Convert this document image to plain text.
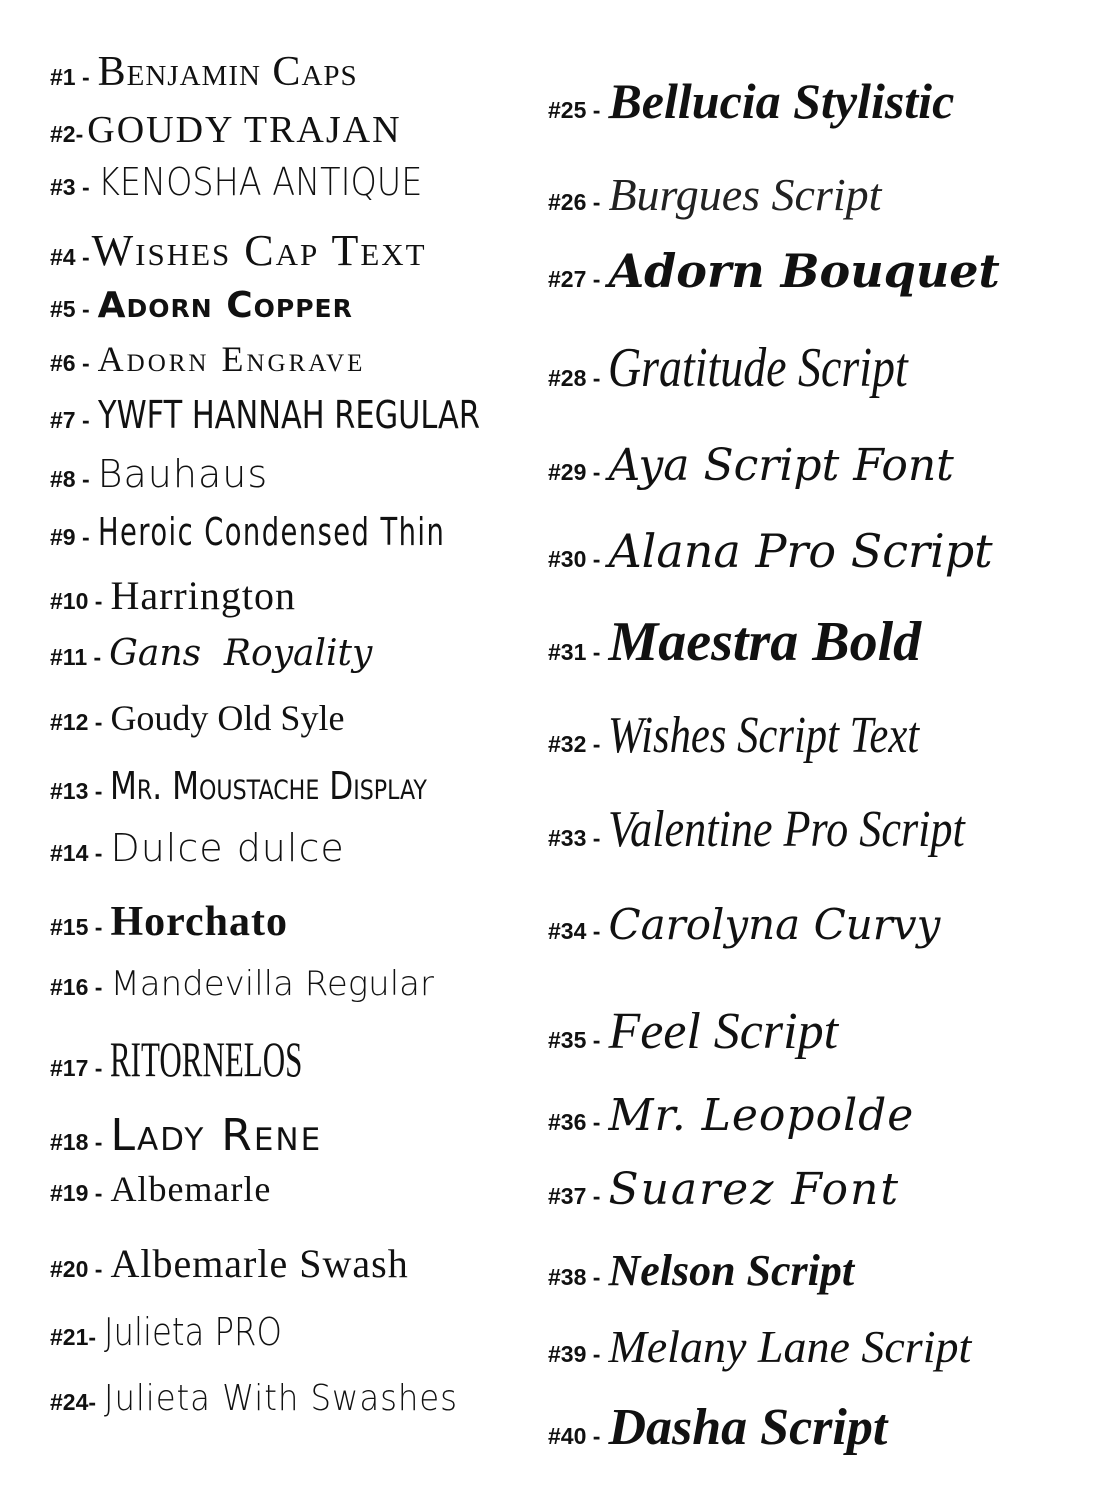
#1 - Benjamin Caps
#2- GOUDY TRAJAN
#3 - KENOSHA ANTIQUE
#4 - Wishes Cap Text
#5 - Adorn Copper
#6 - Adorn Engrave
#7 - YWFT HANNAH REGULAR
#8 - Bauhaus
#9 - Heroic Condensed Thin
#10 - Harrington
#11 - Gans  Royality
#12 - Goudy Old Syle
#13 - Mr. Moustache Display
#14 - Dulce dulce
#15 - Horchato
#16 - Mandevilla Regular
#17 - RITORNELOS
#18 - Lady Rene
#19 - Albemarle
#20 - Albemarle Swash
#21- Julieta PRO
#24- Julieta With Swashes
#25 - Bellucia Stylistic
#26 - Burgues Script
#27 - Adorn Bouquet
#28 - Gratitude Script
#29 - Aya Script Font
#30 - Alana Pro Script
#31 - Maestra Bold
#32 - Wishes Script Text
#33 - Valentine Pro Script
#34 - Carolyna Curvy
#35 - Feel Script
#36 - Mr. Leopolde
#37 - Suarez Font
#38 - Nelson Script
#39 - Melany Lane Script
#40 - Dasha Script
